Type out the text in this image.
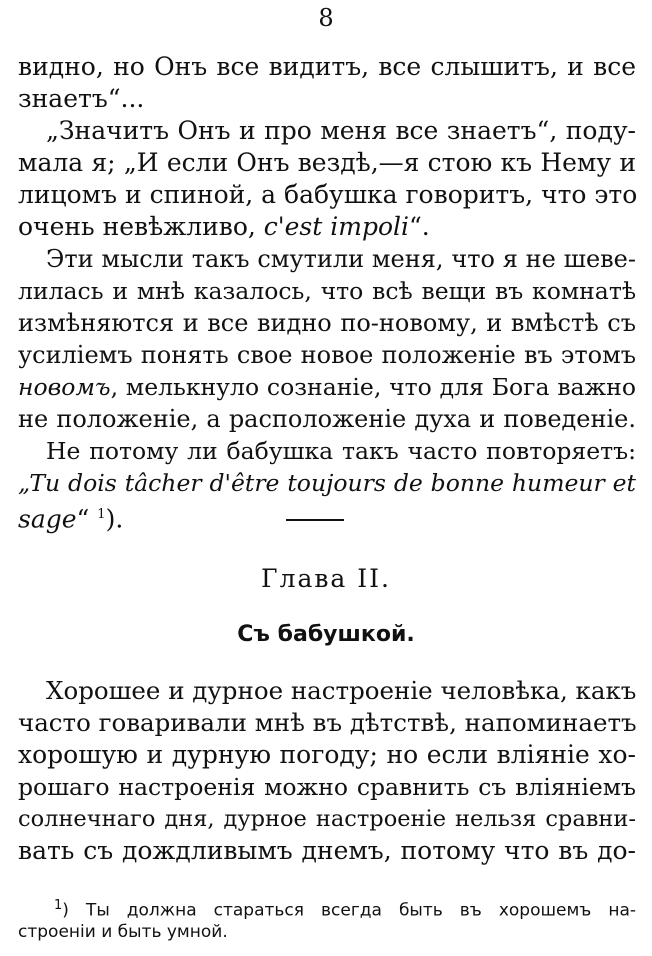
8
видно, но Онъ все видитъ, все слышитъ, и все
знаетъ“...
„Значитъ Онъ и про меня все знаетъ“, поду-
мала я; „И если Онъ вездѣ,—я стою къ Нему и
лицомъ и спиной, а бабушка говоритъ, что это
очень невѣжливо, c'est impoli“.
Эти мысли такъ смутили меня, что я не шеве-
лилась и мнѣ казалось, что всѣ вещи въ комнатѣ
измѣняются и все видно по-новому, и вмѣстѣ съ
усиліемъ понять свое новое положеніе въ этомъ
новомъ, мелькнуло сознаніе, что для Бога важно
не положеніе, а расположеніе духа и поведеніе.
Не потому ли бабушка такъ часто повторяетъ:
„Tu dois tâcher d'être toujours de bonne humeur et
sage“ $^1$).
Глава II.
Съ бабушкой.
Хорошее и дурное настроеніе человѣка, какъ
часто говаривали мнѣ въ дѣтствѣ, напоминаетъ
хорошую и дурную погоду; но если вліяніе хо-
рошаго настроенія можно сравнить съ вліяніемъ
солнечнаго дня, дурное настроеніе нельзя сравни-
вать съ дождливымъ днемъ, потому что въ до-
$^1$) Ты должна стараться всегда быть въ хорошемъ на-
строеніи и быть умной.
